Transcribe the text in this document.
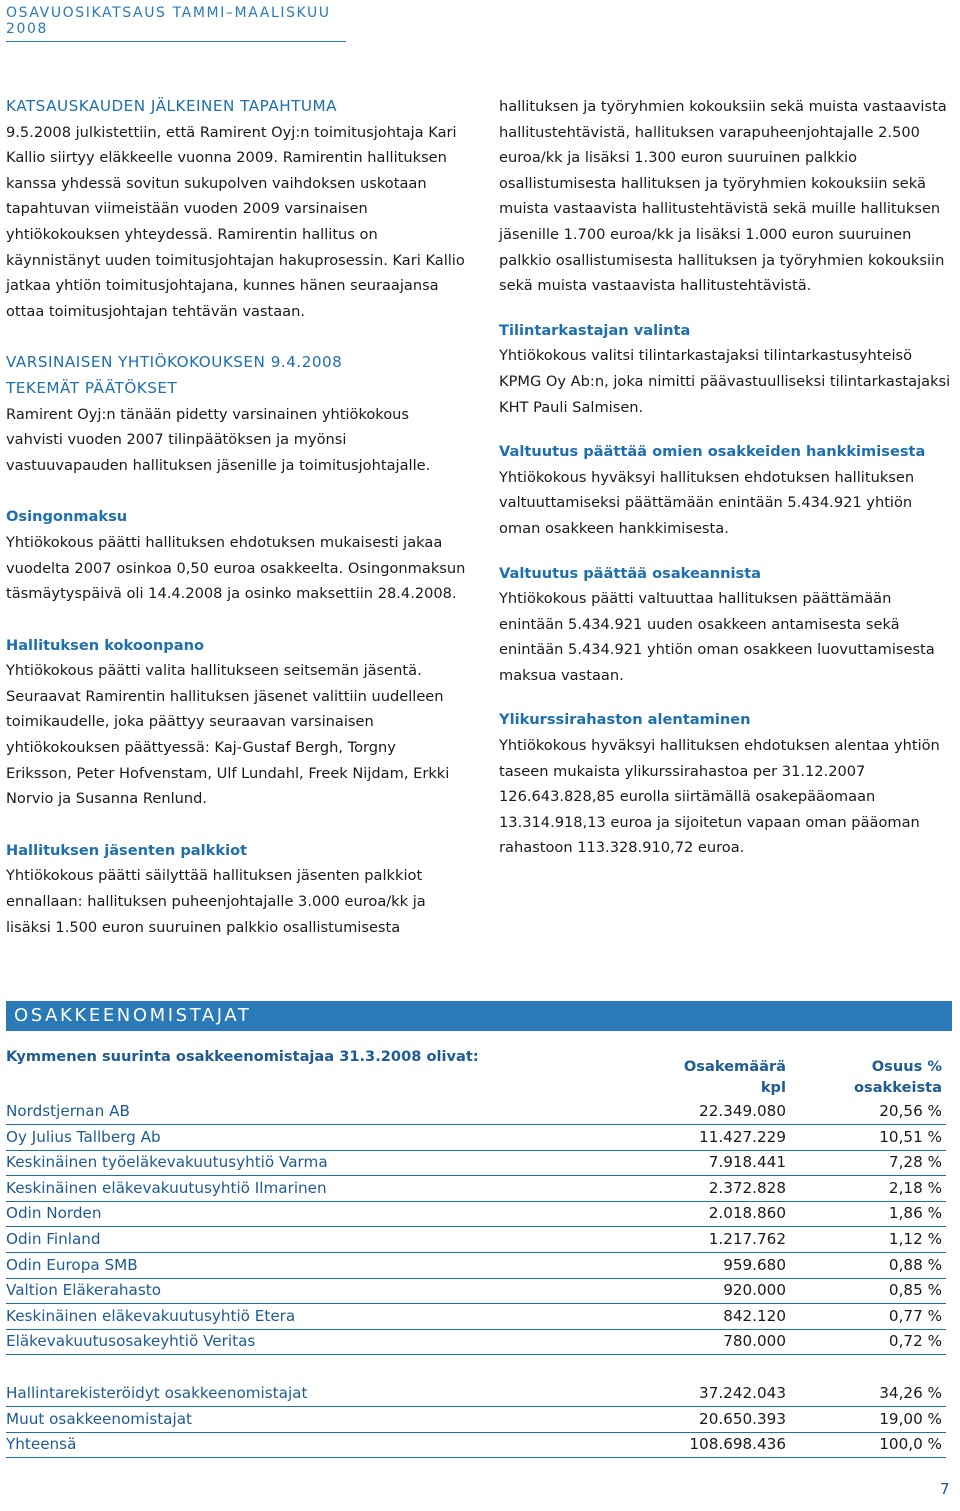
OSAVUOSIKATSAUS TAMMI–MAALISKUU 2008
KATSAUSKAUDEN JÄLKEINEN TAPAHTUMA

9.5.2008 julkistettiin, että Ramirent Oyj:n toimitusjohtaja Kari Kallio siirtyy eläkkeelle vuonna 2009. Ramirentin hallituksen kanssa yhdessä sovitun sukupolven vaihdoksen uskotaan tapahtuvan viimeistään vuoden 2009 varsinaisen yhtiökokouksen yhteydessä. Ramirentin hallitus on käynnistänyt uuden toimitusjohtajan hakuprosessin. Kari Kallio jatkaa yhtiön toimitusjohtajana, kunnes hänen seuraajansa ottaa toimitusjohtajan tehtävän vastaan.

VARSINAISEN YHTIÖKOKOUKSEN 9.4.2008
TEKEMÄT PÄÄTÖKSET

Ramirent Oyj:n tänään pidetty varsinainen yhtiökokous vahvisti vuoden 2007 tilinpäätöksen ja myönsi vastuuvapauden hallituksen jäsenille ja toimitusjohtajalle.

Osingonmaksu

Yhtiökokous päätti hallituksen ehdotuksen mukaisesti jakaa vuodelta 2007 osinkoa 0,50 euroa osakkeelta. Osingonmaksun täsmäytyspäivä oli 14.4.2008 ja osinko maksettiin 28.4.2008.

Hallituksen kokoonpano

Yhtiökokous päätti valita hallitukseen seitsemän jäsentä. Seuraavat Ramirentin hallituksen jäsenet valittiin uudelleen toimikaudelle, joka päättyy seuraavan varsinaisen yhtiökokouksen päättyessä: Kaj-Gustaf Bergh, Torgny Eriksson, Peter Hofvenstam, Ulf Lundahl, Freek Nijdam, Erkki Norvio ja Susanna Renlund.

Hallituksen jäsenten palkkiot

Yhtiökokous päätti säilyttää hallituksen jäsenten palkkiot ennallaan: hallituksen puheenjohtajalle 3.000 euroa/kk ja lisäksi 1.500 euron suuruinen palkkio osallistumisesta

hallituksen ja työryhmien kokouksiin sekä muista vastaavista hallitustehtävistä, hallituksen varapuheenjohtajalle 2.500 euroa/kk ja lisäksi 1.300 euron suuruinen palkkio osallistumisesta hallituksen ja työryhmien kokouksiin sekä muista vastaavista hallitustehtävistä sekä muille hallituksen jäsenille 1.700 euroa/kk ja lisäksi 1.000 euron suuruinen palkkio osallistumisesta hallituksen ja työryhmien kokouksiin sekä muista vastaavista hallitustehtävistä.

Tilintarkastajan valinta

Yhtiökokous valitsi tilintarkastajaksi tilintarkastusyhteisö KPMG Oy Ab:n, joka nimitti päävastuulliseksi tilintarkastajaksi KHT Pauli Salmisen.

Valtuutus päättää omien osakkeiden hankkimisesta

Yhtiökokous hyväksyi hallituksen ehdotuksen hallituksen valtuuttamiseksi päättämään enintään 5.434.921 yhtiön oman osakkeen hankkimisesta.

Valtuutus päättää osakeannista

Yhtiökokous päätti valtuuttaa hallituksen päättämään enintään 5.434.921 uuden osakkeen antamisesta sekä enintään 5.434.921 yhtiön oman osakkeen luovuttamisesta maksua vastaan.

Ylikurssirahaston alentaminen

Yhtiökokous hyväksyi hallituksen ehdotuksen alentaa yhtiön taseen mukaista ylikurssirahastoa per 31.12.2007 126.643.828,85 eurolla siirtämällä osakepääomaan 13.314.918,13 euroa ja sijoitetun vapaan oman pääoman rahastoon 113.328.910,72 euroa.

OSAKKEENOMISTAJAT
Kymmenen suurinta osakkeenomistajaa 31.3.2008 olivat:
Osakemäärä
kpl
Osuus %
osakkeista
Nordstjernan AB	22.349.080	20,56 %
Oy Julius Tallberg Ab	11.427.229	10,51 %
Keskinäinen työeläkevakuutusyhtiö Varma	7.918.441	7,28 %
Keskinäinen eläkevakuutusyhtiö Ilmarinen	2.372.828	2,18 %
Odin Norden	2.018.860	1,86 %
Odin Finland	1.217.762	1,12 %
Odin Europa SMB	959.680	0,88 %
Valtion Eläkerahasto	920.000	0,85 %
Keskinäinen eläkevakuutusyhtiö Etera	842.120	0,77 %
Eläkevakuutusosakeyhtiö Veritas	780.000	0,72 %
Hallintarekisteröidyt osakkeenomistajat	37.242.043	34,26 %
Muut osakkeenomistajat	20.650.393	19,00 %
Yhteensä	108.698.436	100,0 %
7
